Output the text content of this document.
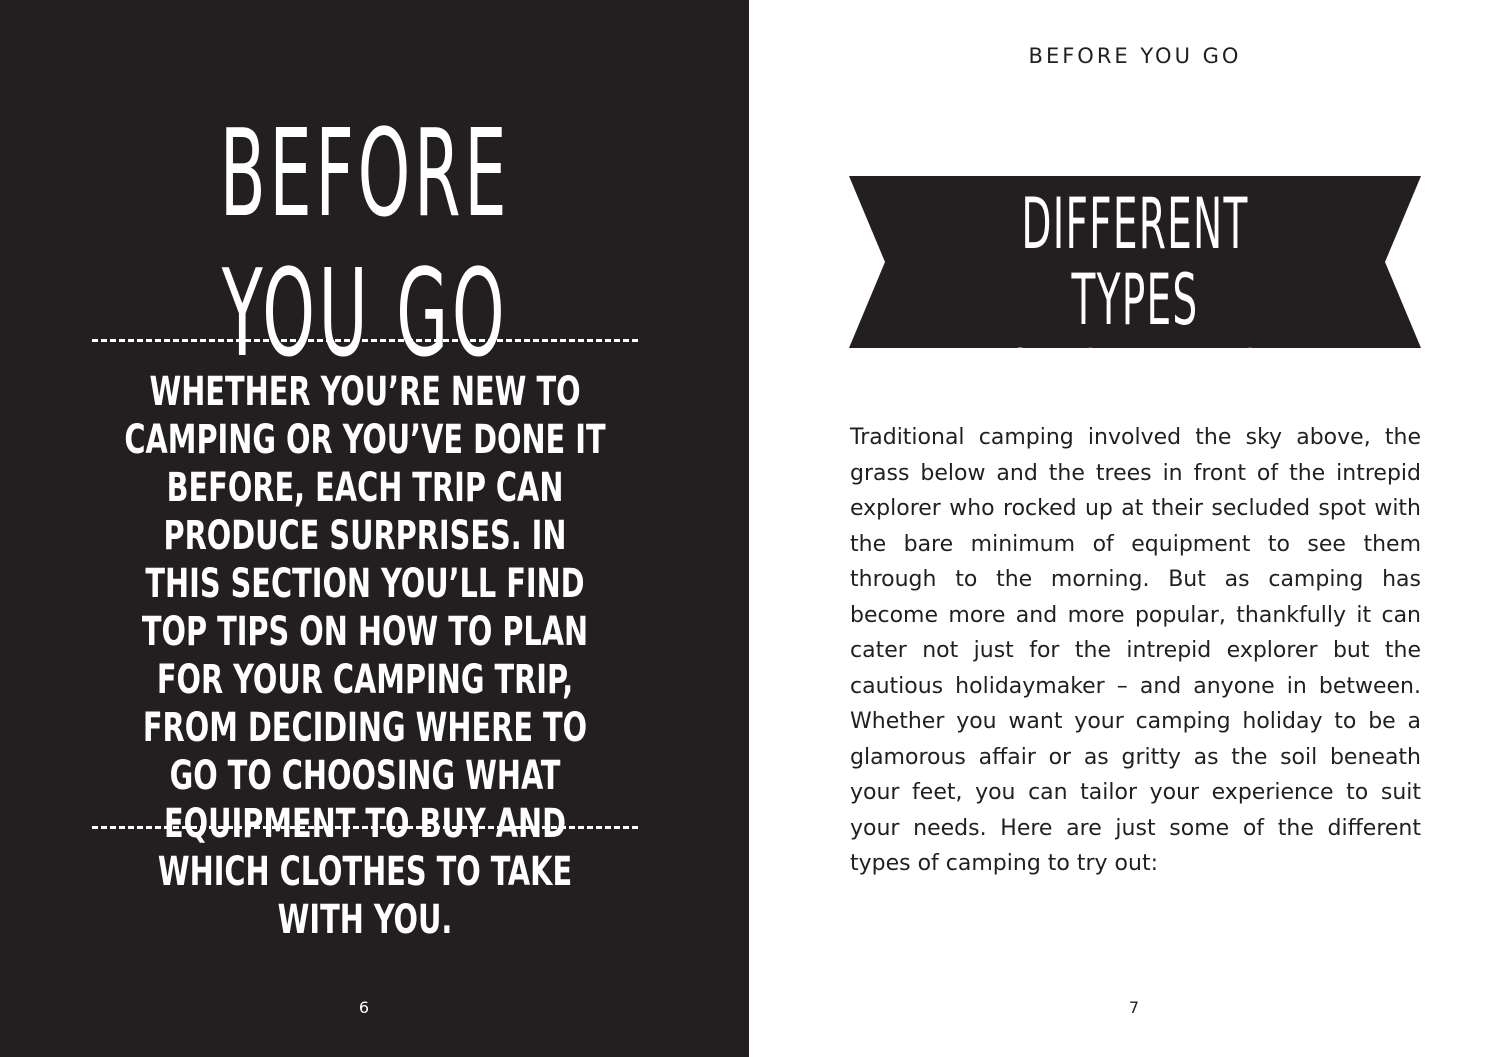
BEFORE YOU GO

WHETHER YOU’RE NEW TO CAMPING OR YOU’VE DONE IT BEFORE, EACH TRIP CAN PRODUCE SURPRISES. IN THIS SECTION YOU’LL FIND TOP TIPS ON HOW TO PLAN FOR YOUR CAMPING TRIP, FROM DECIDING WHERE TO GO TO CHOOSING WHAT EQUIPMENT TO BUY AND WHICH CLOTHES TO TAKE WITH YOU.

6
BEFORE YOU GO
DIFFERENT TYPES
OF CAMPING

Traditional camping involved the sky above, the grass below and the trees in front of the intrepid explorer who rocked up at their secluded spot with the bare minimum of equipment to see them through to the morning. But as camping has become more and more popular, thankfully it can cater not just for the intrepid explorer but the cautious holidaymaker – and anyone in between. Whether you want your camping holiday to be a glamorous affair or as gritty as the soil beneath your feet, you can tailor your experience to suit your needs. Here are just some of the different types of camping to try out:

7
